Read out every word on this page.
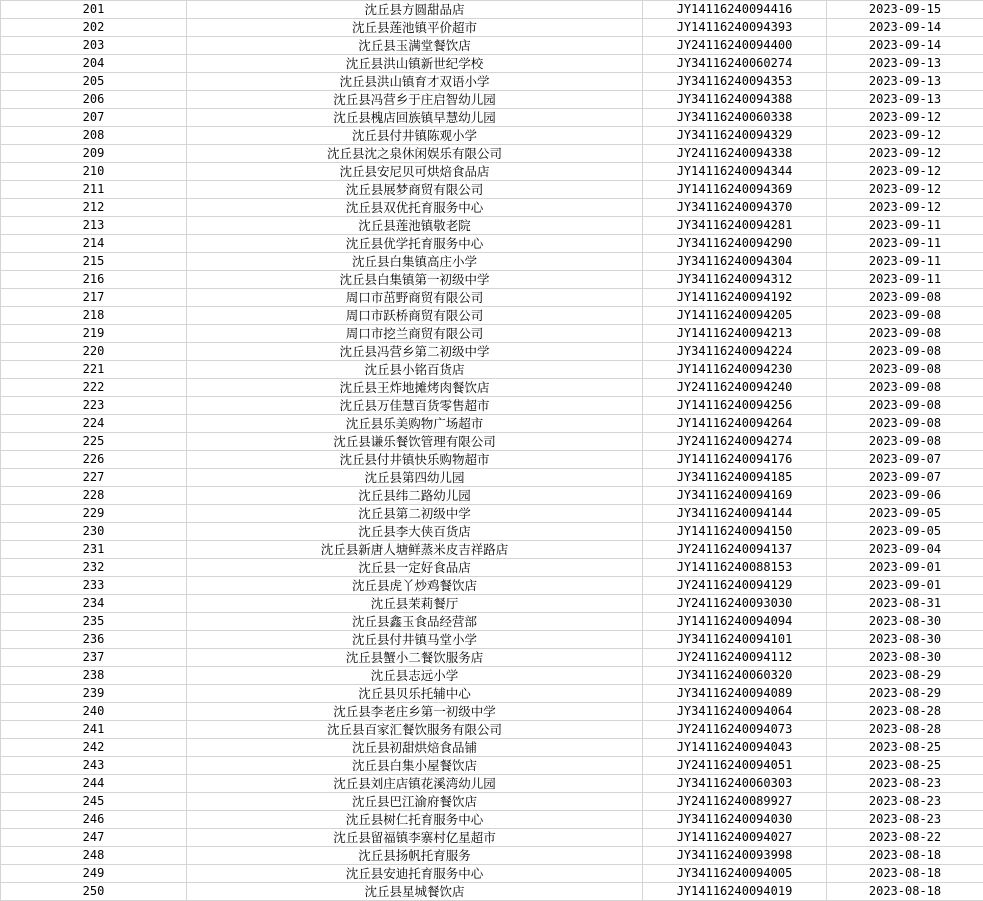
201	沈丘县方圆甜品店	JY14116240094416	2023-09-15
202	沈丘县莲池镇平价超市	JY14116240094393	2023-09-14
203	沈丘县玉满堂餐饮店	JY24116240094400	2023-09-14
204	沈丘县洪山镇新世纪学校	JY34116240060274	2023-09-13
205	沈丘县洪山镇育才双语小学	JY34116240094353	2023-09-13
206	沈丘县冯营乡于庄启智幼儿园	JY34116240094388	2023-09-13
207	沈丘县槐店回族镇早慧幼儿园	JY34116240060338	2023-09-12
208	沈丘县付井镇陈观小学	JY34116240094329	2023-09-12
209	沈丘县沈之泉休闲娱乐有限公司	JY24116240094338	2023-09-12
210	沈丘县安尼贝可烘焙食品店	JY14116240094344	2023-09-12
211	沈丘县展梦商贸有限公司	JY14116240094369	2023-09-12
212	沈丘县双优托育服务中心	JY34116240094370	2023-09-12
213	沈丘县莲池镇敬老院	JY34116240094281	2023-09-11
214	沈丘县优学托育服务中心	JY34116240094290	2023-09-11
215	沈丘县白集镇高庄小学	JY34116240094304	2023-09-11
216	沈丘县白集镇第一初级中学	JY34116240094312	2023-09-11
217	周口市茁野商贸有限公司	JY14116240094192	2023-09-08
218	周口市跃桥商贸有限公司	JY14116240094205	2023-09-08
219	周口市挖兰商贸有限公司	JY14116240094213	2023-09-08
220	沈丘县冯营乡第二初级中学	JY34116240094224	2023-09-08
221	沈丘县小铭百货店	JY14116240094230	2023-09-08
222	沈丘县王炸地摊烤肉餐饮店	JY24116240094240	2023-09-08
223	沈丘县万佳慧百货零售超市	JY14116240094256	2023-09-08
224	沈丘县乐美购物广场超市	JY14116240094264	2023-09-08
225	沈丘县谦乐餐饮管理有限公司	JY24116240094274	2023-09-08
226	沈丘县付井镇快乐购物超市	JY14116240094176	2023-09-07
227	沈丘县第四幼儿园	JY34116240094185	2023-09-07
228	沈丘县纬二路幼儿园	JY34116240094169	2023-09-06
229	沈丘县第二初级中学	JY34116240094144	2023-09-05
230	沈丘县李大侠百货店	JY14116240094150	2023-09-05
231	沈丘县新唐人塘鲜蒸米皮吉祥路店	JY24116240094137	2023-09-04
232	沈丘县一定好食品店	JY14116240088153	2023-09-01
233	沈丘县虎丫炒鸡餐饮店	JY24116240094129	2023-09-01
234	沈丘县茉莉餐厅	JY24116240093030	2023-08-31
235	沈丘县鑫玉食品经营部	JY14116240094094	2023-08-30
236	沈丘县付井镇马堂小学	JY34116240094101	2023-08-30
237	沈丘县蟹小二餐饮服务店	JY24116240094112	2023-08-30
238	沈丘县志远小学	JY34116240060320	2023-08-29
239	沈丘县贝乐托辅中心	JY34116240094089	2023-08-29
240	沈丘县李老庄乡第一初级中学	JY34116240094064	2023-08-28
241	沈丘县百家汇餐饮服务有限公司	JY24116240094073	2023-08-28
242	沈丘县初甜烘焙食品铺	JY14116240094043	2023-08-25
243	沈丘县白集小屋餐饮店	JY24116240094051	2023-08-25
244	沈丘县刘庄店镇花溪湾幼儿园	JY34116240060303	2023-08-23
245	沈丘县巴江渝府餐饮店	JY24116240089927	2023-08-23
246	沈丘县树仁托育服务中心	JY34116240094030	2023-08-23
247	沈丘县留福镇李寨村亿星超市	JY14116240094027	2023-08-22
248	沈丘县扬帆托育服务	JY34116240093998	2023-08-18
249	沈丘县安迪托育服务中心	JY34116240094005	2023-08-18
250	沈丘县星城餐饮店	JY14116240094019	2023-08-18
